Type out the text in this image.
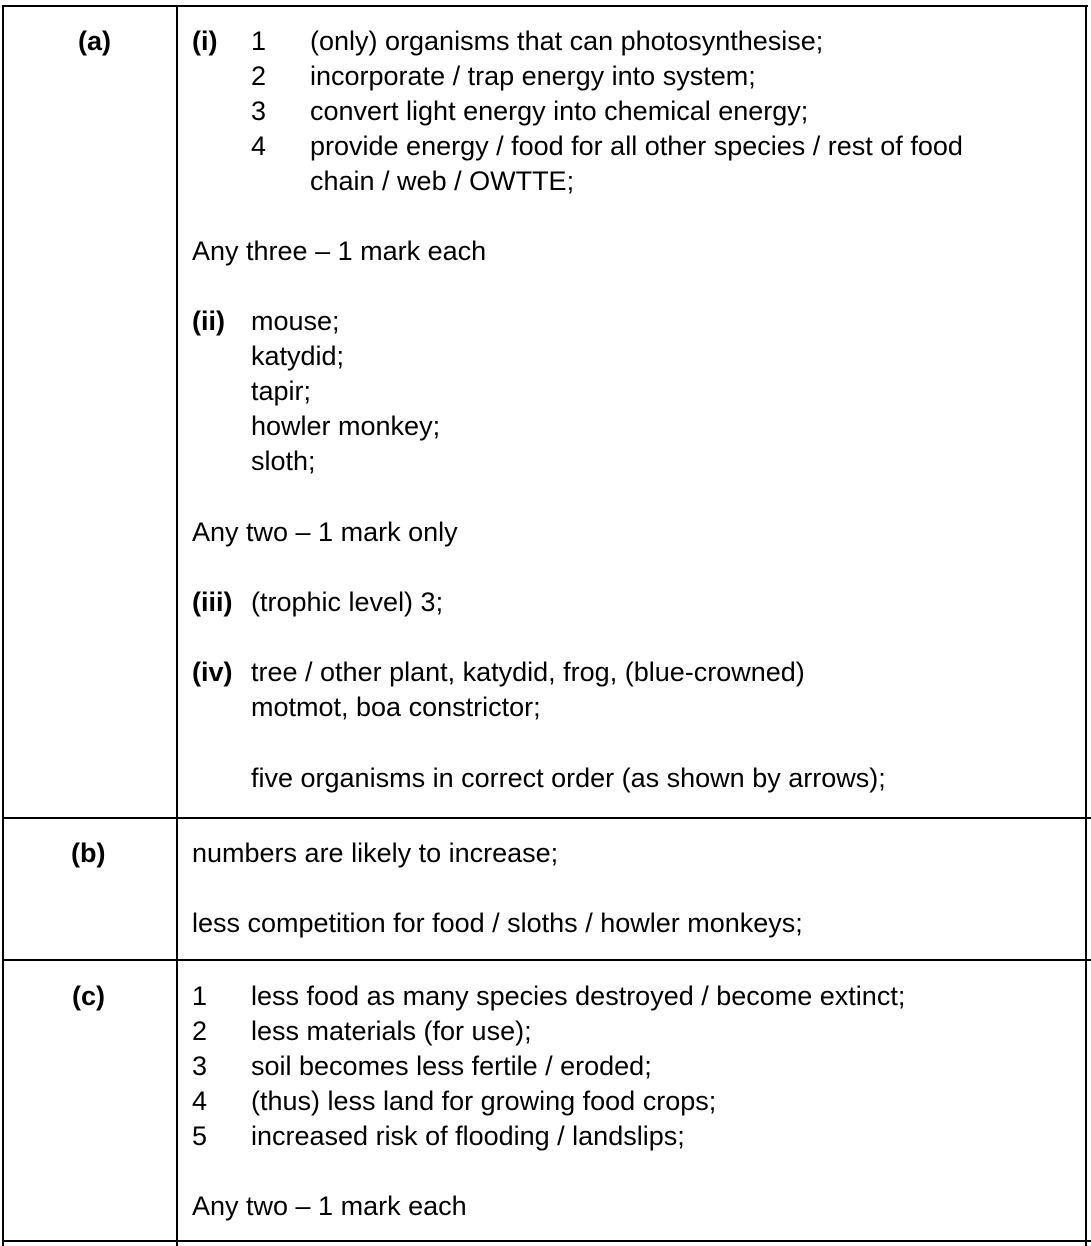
(a)	(i) 1 (only) organisms that can photosynthesise;
2 incorporate / trap energy into system;
3 convert light energy into chemical energy;
4 provide energy / food for all other species / rest of food
chain / web / OWTTE;
Any three – 1 mark each
(ii) mouse;
katydid;
tapir;
howler monkey;
sloth;
Any two – 1 mark only
(iii) (trophic level) 3;
(iv) tree / other plant, katydid, frog, (blue-crowned)
motmot, boa constrictor;
five organisms in correct order (as shown by arrows);
(b)	numbers are likely to increase;
less competition for food / sloths / howler monkeys;
(c)	1 less food as many species destroyed / become extinct;
2 less materials (for use);
3 soil becomes less fertile / eroded;
4 (thus) less land for growing food crops;
5 increased risk of flooding / landslips;
Any two – 1 mark each
